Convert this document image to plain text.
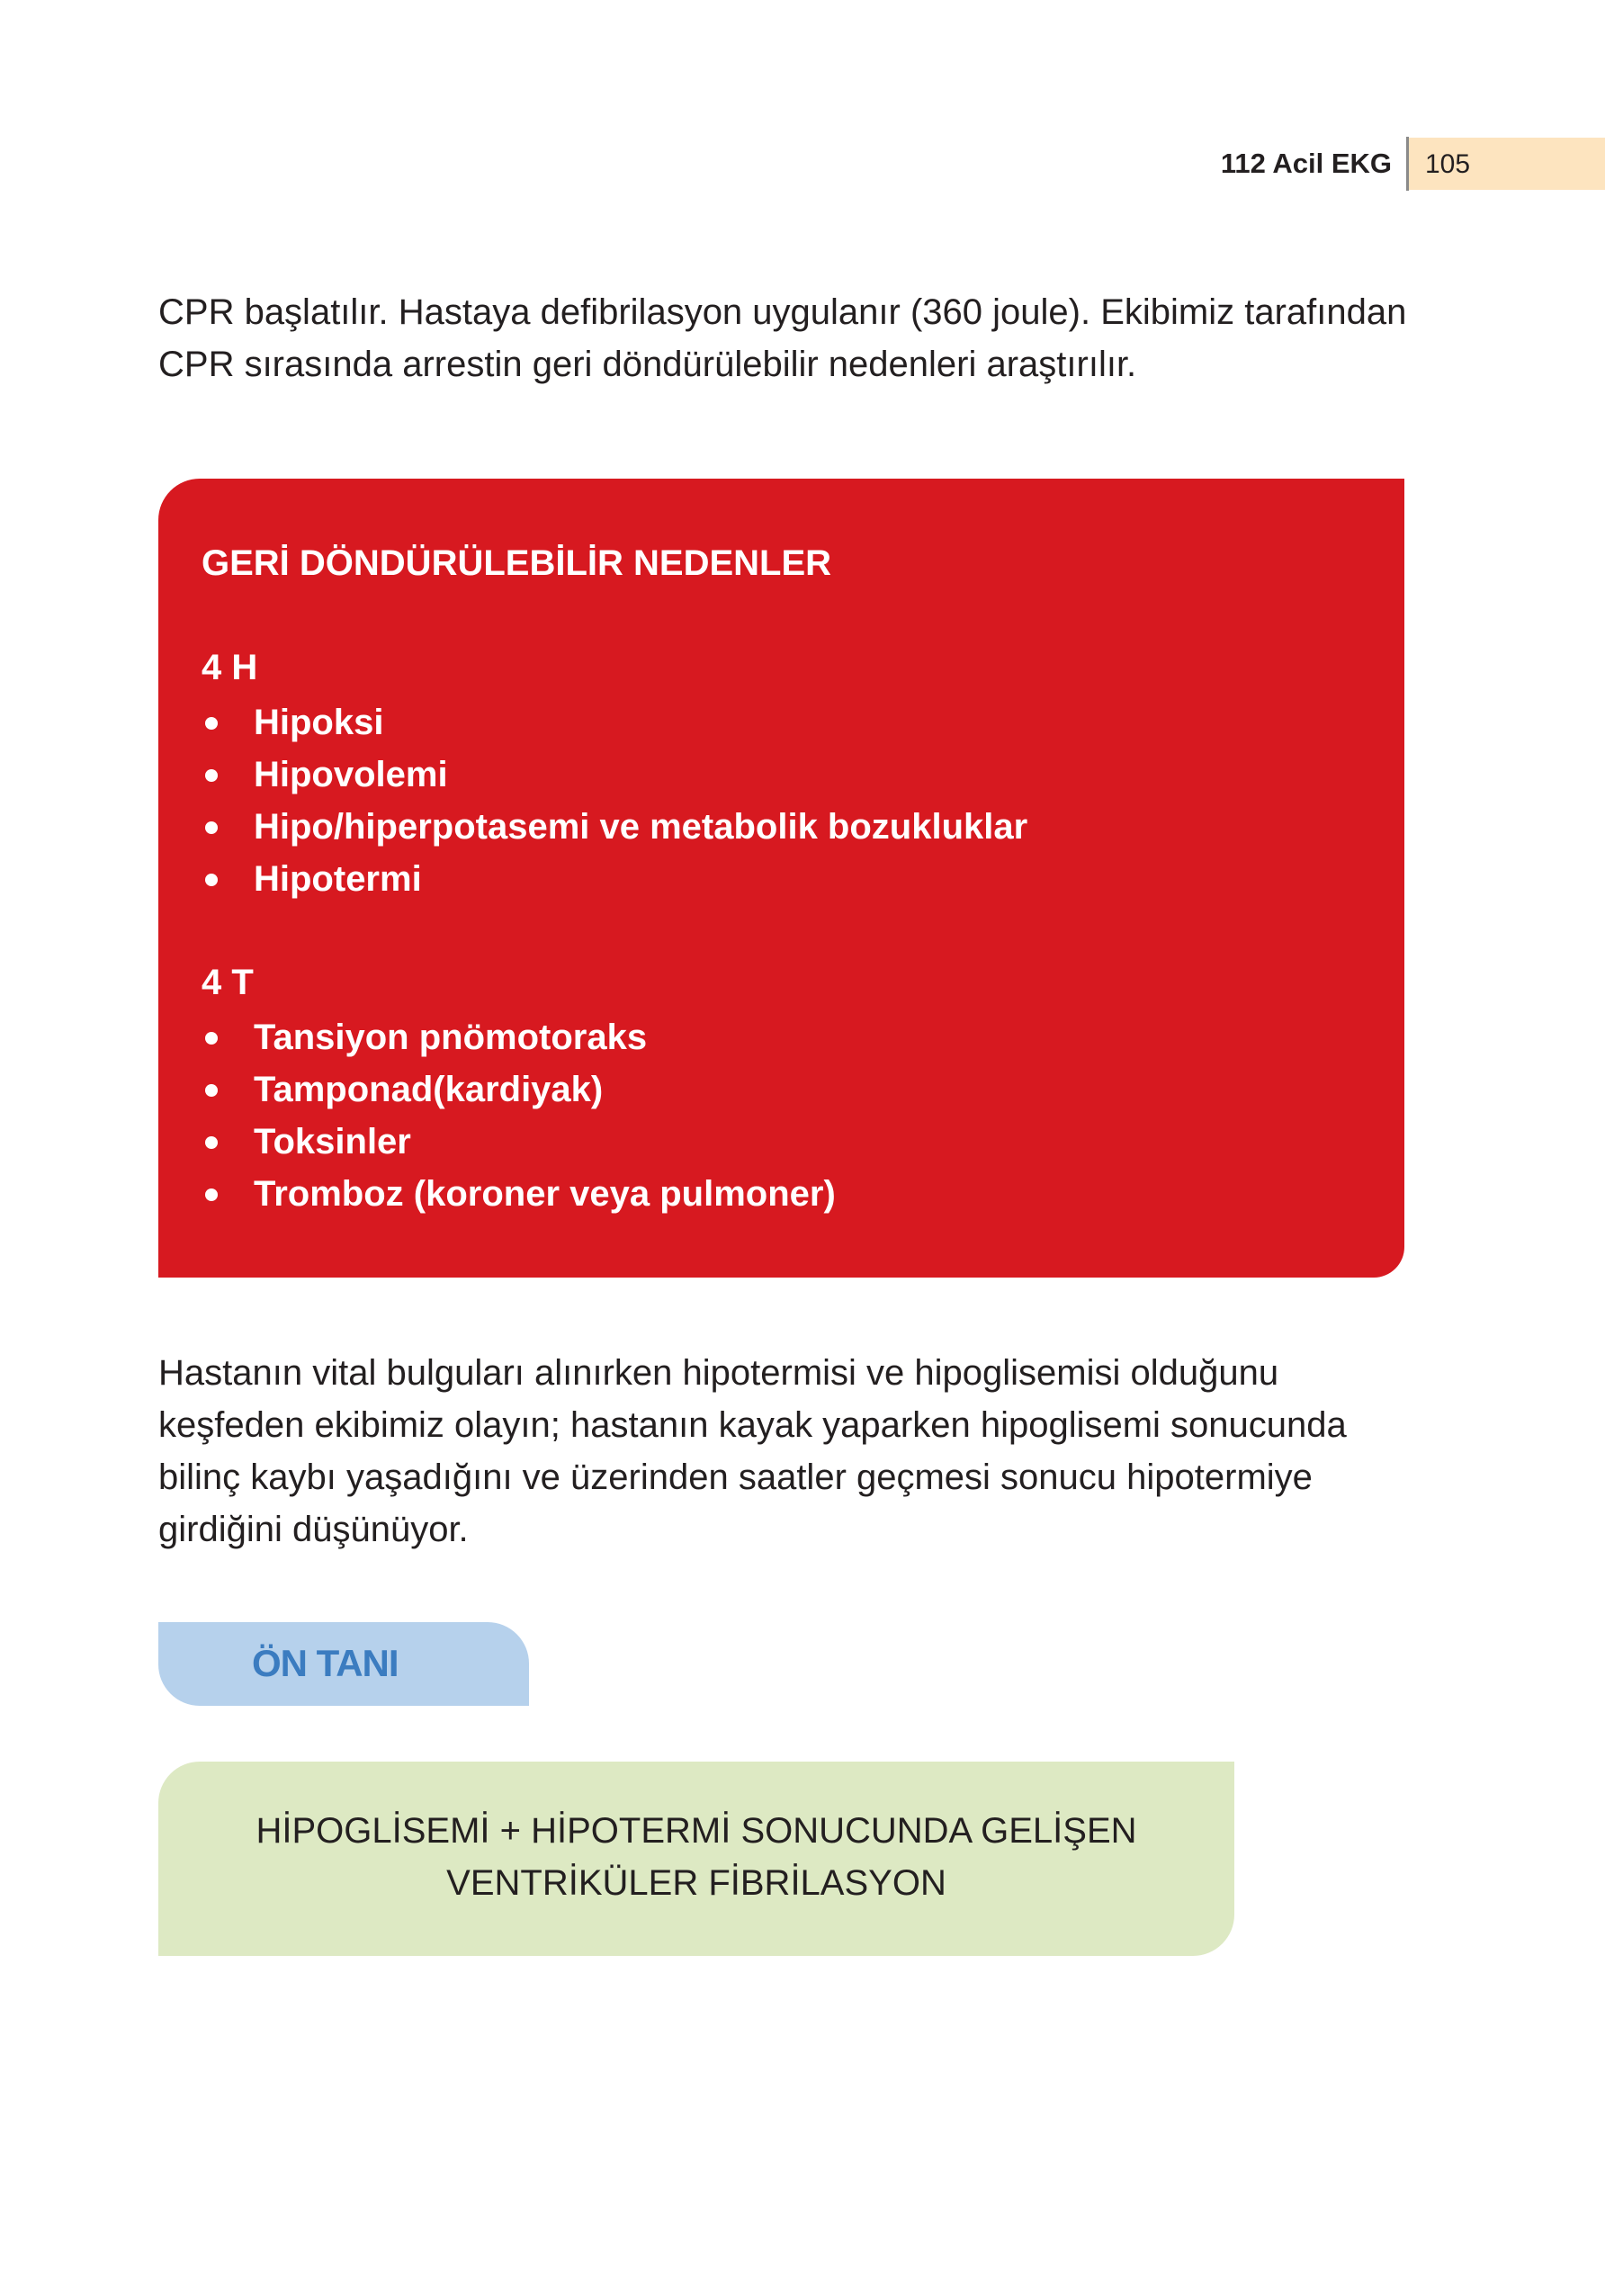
112 Acil EKG 105

CPR başlatılır. Hastaya defibrilasyon uygulanır (360 joule). Ekibimiz tarafından CPR sırasında arrestin geri döndürülebilir nedenleri araştırılır.

GERİ DÖNDÜRÜLEBİLİR NEDENLER
4 H
Hipoksi
Hipovolemi
Hipo/hiperpotasemi ve metabolik bozukluklar
Hipotermi
4 T
Tansiyon pnömotoraks
Tamponad(kardiyak)
Toksinler
Tromboz (koroner veya pulmoner)

Hastanın vital bulguları alınırken hipotermisi ve hipoglisemisi olduğunu keşfeden ekibimiz olayın; hastanın kayak yaparken hipoglisemi sonucunda bilinç kaybı yaşadığını ve üzerinden saatler geçmesi sonucu hipotermiye girdiğini düşünüyor.

ÖN TANI
HİPOGLİSEMİ + HİPOTERMİ SONUCUNDA GELİŞEN VENTRİKÜLER FİBRİLASYON
